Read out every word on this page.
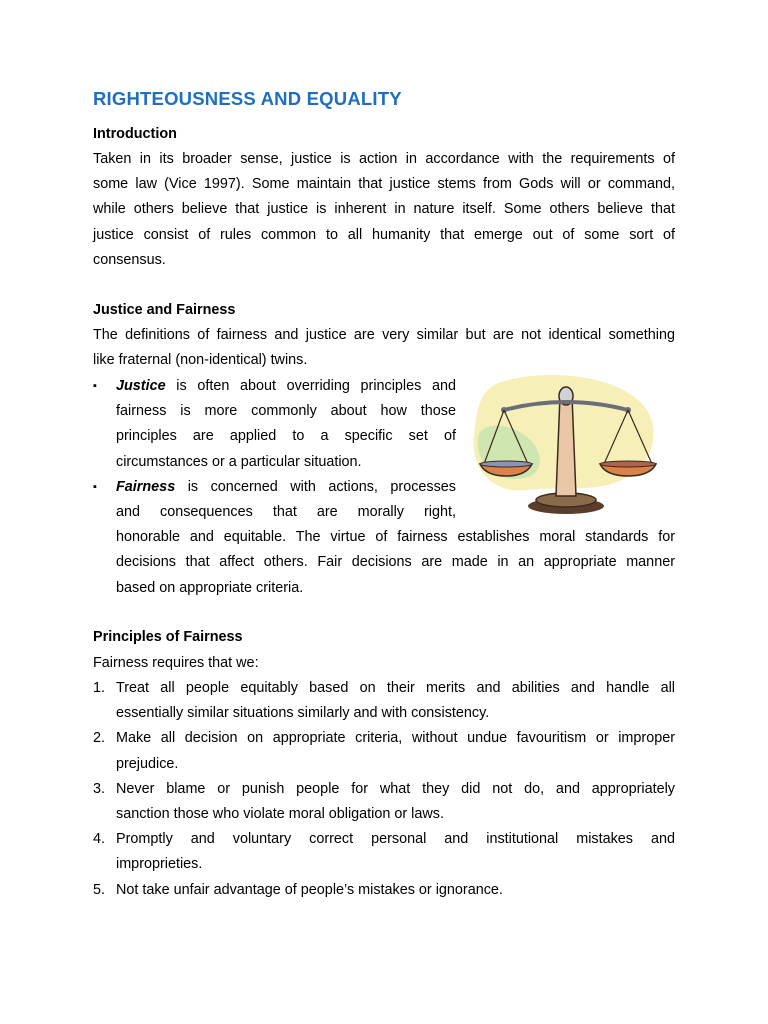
RIGHTEOUSNESS AND EQUALITY
Introduction
Taken in its broader sense, justice is action in accordance with the requirements of
some law (Vice 1997). Some maintain that justice stems from Gods will or command,
while others believe that justice is inherent in nature itself. Some others believe that
justice consist of rules common to all humanity that emerge out of some sort of
consensus.
Justice and Fairness
The definitions of fairness and justice are very similar but are not identical something
like fraternal (non-identical) twins.
▪	Justice is often about overriding principles and
fairness is more commonly about how those
principles are applied to a specific set of
circumstances or a particular situation.
▪	Fairness is concerned with actions, processes
and consequences that are morally right,
honorable and equitable. The virtue of fairness establishes moral standards for
decisions that affect others. Fair decisions are made in an appropriate manner
based on appropriate criteria.
Principles of Fairness
Fairness requires that we:
1. Treat all people equitably based on their merits and abilities and handle all
essentially similar situations similarly and with consistency.
2. Make all decision on appropriate criteria, without undue favouritism or improper
prejudice.
3. Never blame or punish people for what they did not do, and appropriately
sanction those who violate moral obligation or laws.
4. Promptly and voluntary correct personal and institutional mistakes and
improprieties.
5. Not take unfair advantage of people’s mistakes or ignorance.
